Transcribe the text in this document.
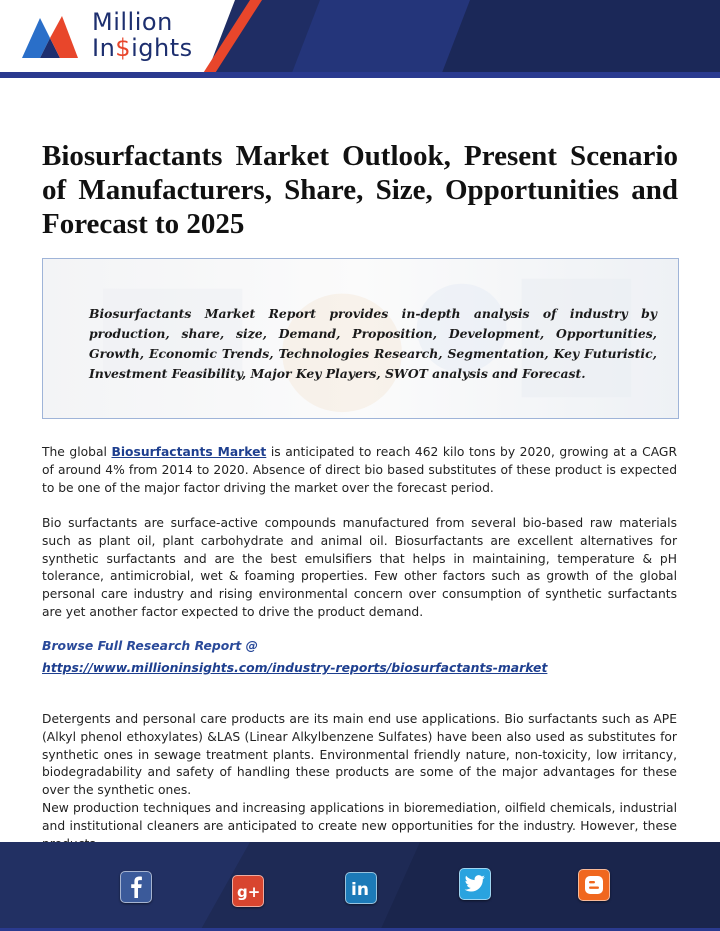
Million
In$ights
Biosurfactants Market Outlook, Present Scenario of Manufacturers, Share, Size, Opportunities and Forecast to 2025

Biosurfactants Market Report provides in-depth analysis of industry by production, share, size, Demand, Proposition, Development, Opportunities, Growth, Economic Trends, Technologies Research, Segmentation, Key Futuristic, Investment Feasibility, Major Key Players, SWOT analysis and Forecast.

The global Biosurfactants Market is anticipated to reach 462 kilo tons by 2020, growing at a CAGR of around 4% from 2014 to 2020. Absence of direct bio based substitutes of these product is expected to be one of the major factor driving the market over the forecast period.

Bio surfactants are surface-active compounds manufactured from several bio-based raw materials such as plant oil, plant carbohydrate and animal oil. Biosurfactants are excellent alternatives for synthetic surfactants and are the best emulsifiers that helps in maintaining, temperature & pH tolerance, antimicrobial, wet & foaming properties. Few other factors such as growth of the global personal care industry and rising environmental concern over consumption of synthetic surfactants are yet another factor expected to drive the product demand.

Browse Full Research Report @
https://www.millioninsights.com/industry-reports/biosurfactants-market

Detergents and personal care products are its main end use applications. Bio surfactants such as APE (Alkyl phenol ethoxylates) &LAS (Linear Alkylbenzene Sulfates) have been also used as substitutes for synthetic ones in sewage treatment plants. Environmental friendly nature, non-toxicity, low irritancy, biodegradability and safety of handling these products are some of the major advantages for these over the synthetic ones.

New production techniques and increasing applications in bioremediation, oilfield chemicals, industrial and institutional cleaners are anticipated to create new opportunities for the industry. However, these

g+	in
